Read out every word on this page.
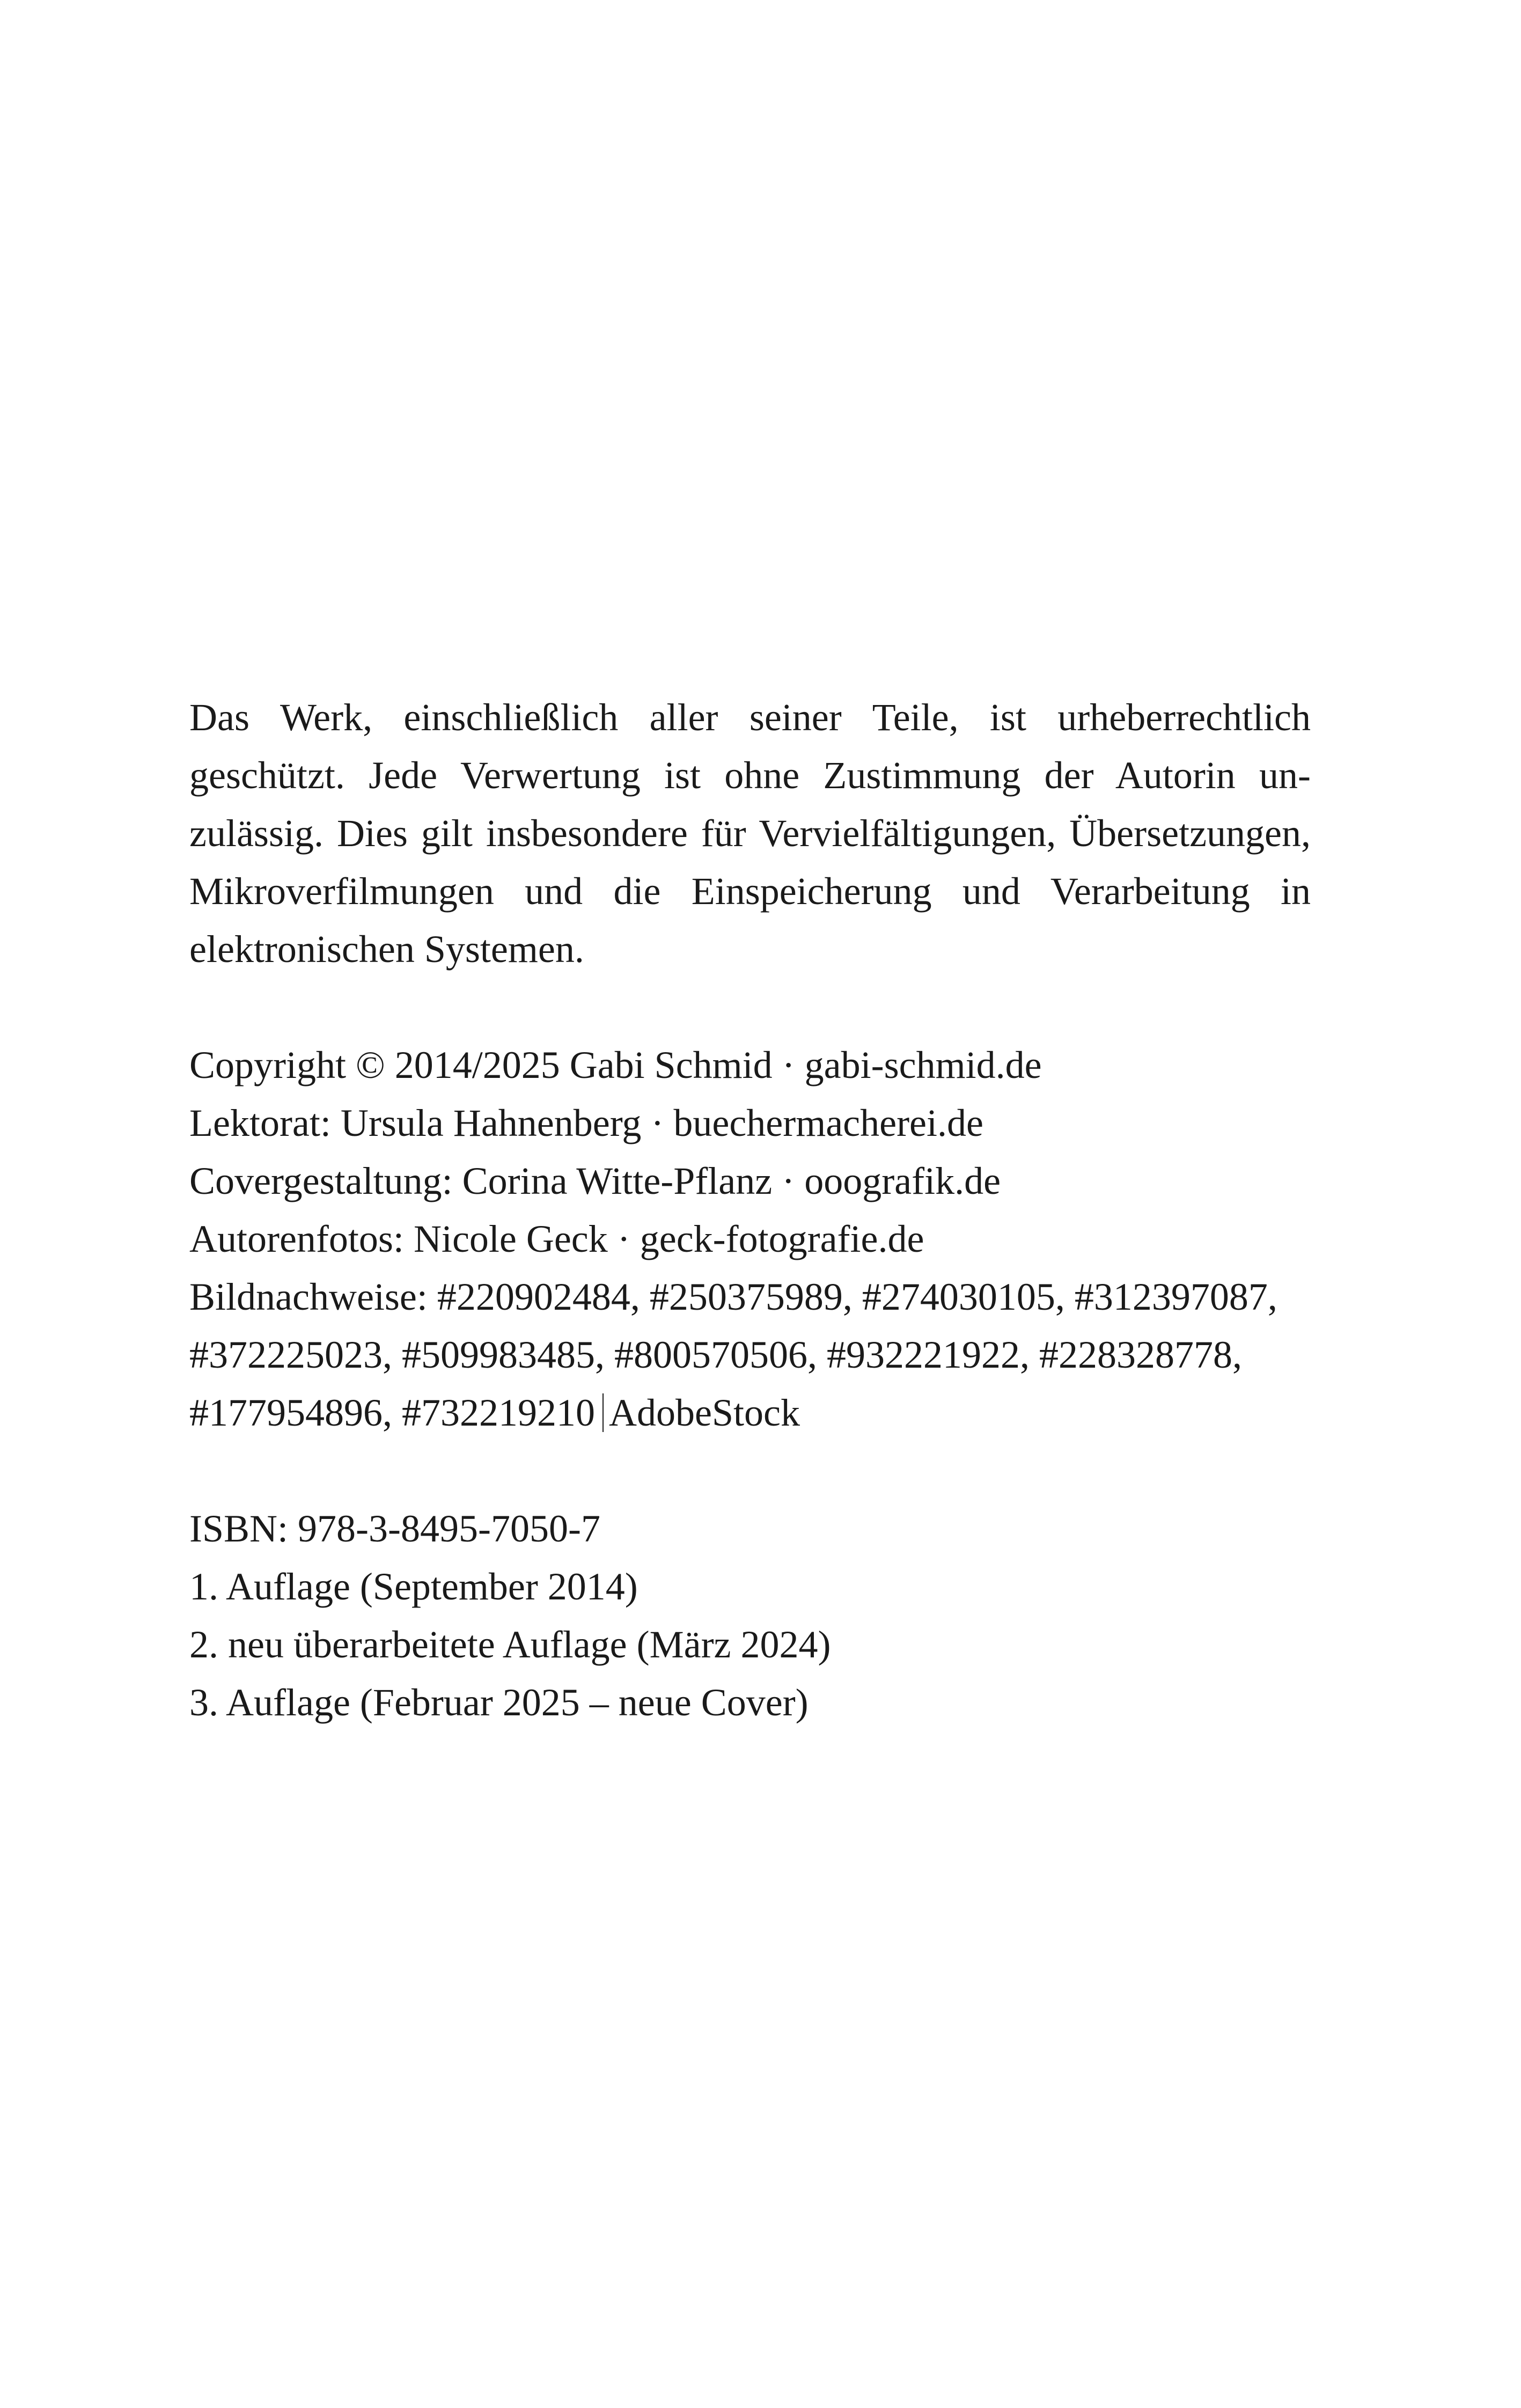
Das Werk, einschließlich aller seiner Teile, ist urheberrechtlich
geschützt. Jede Verwertung ist ohne Zustimmung der Autorin un-
zulässig. Dies gilt insbesondere für Vervielfältigungen, Übersetzungen,
Mikroverfilmungen und die Einspeicherung und Verarbeitung in
elektronischen Systemen.

Copyright © 2014/2025 Gabi Schmid · gabi-schmid.de
Lektorat: Ursula Hahnenberg · buechermacherei.de
Covergestaltung: Corina Witte-Pflanz · ooografik.de
Autorenfotos: Nicole Geck · geck-fotografie.de
Bildnachweise: #220902484, #250375989, #274030105, #312397087,
#372225023, #509983485, #800570506, #932221922, #228328778,
#177954896, #732219210 AdobeStock

ISBN: 978-3-8495-7050-7
1. Auflage (September 2014)
2. neu überarbeitete Auflage (März 2024)
3. Auflage (Februar 2025 – neue Cover)
